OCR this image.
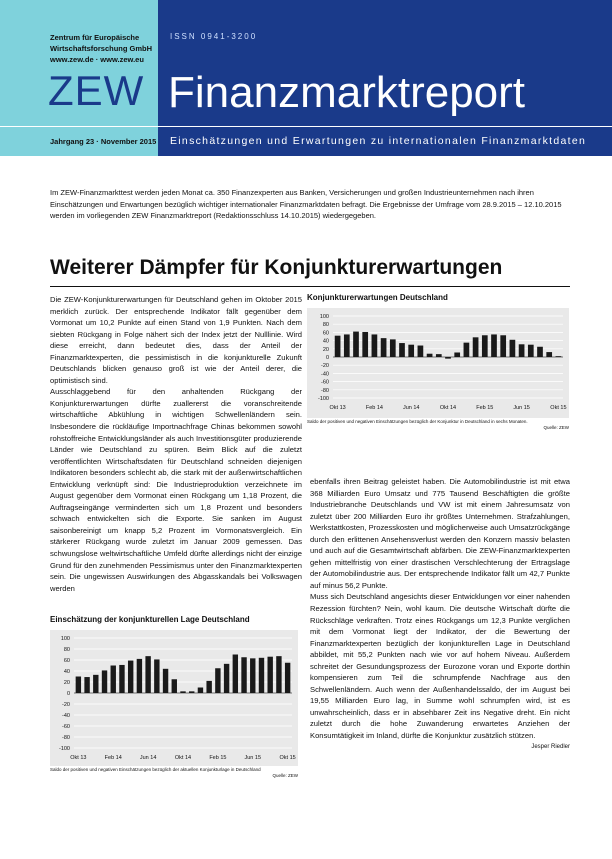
Zentrum für Europäische
Wirtschaftsforschung GmbH
www.zew.de · www.zew.eu
ZEW
Jahrgang 23 · November 2015
ISSN 0941-3200
Finanzmarktreport
Einschätzungen und Erwartungen zu internationalen Finanzmarktdaten
Im ZEW-Finanzmarkttest werden jeden Monat ca. 350 Finanzexperten aus Banken, Versicherungen und großen Industrieunternehmen nach ihren Einschätzungen und Erwartungen bezüglich wichtiger internationaler Finanzmarktdaten befragt. Die Ergebnisse der Umfrage vom 28.9.2015 – 12.10.2015 werden im vorliegenden ZEW Finanzmarktreport (Redaktionsschluss 14.10.2015) wiedergegeben.
Weiterer Dämpfer für Konjunkturerwartungen

Die ZEW-Konjunkturerwartungen für Deutschland gehen im Oktober 2015 merklich zurück. Der entsprechende Indikator fällt gegenüber dem Vormonat um 10,2 Punkte auf einen Stand von 1,9 Punkten. Nach dem siebten Rückgang in Folge nähert sich der Index jetzt der Nulllinie. Wird diese erreicht, dann bedeutet dies, dass der Anteil der Finanzmarktexperten, die pessimistisch in die konjunkturelle Zukunft Deutschlands blicken genauso groß ist wie der Anteil derer, die optimistisch sind.

Ausschlaggebend für den anhaltenden Rückgang der Konjunkturerwartungen dürfte zuallererst die voranschreitende wirtschaftliche Abkühlung in wichtigen Schwellenländern sein. Insbesondere die rückläufige Importnachfrage Chinas bekommen sowohl rohstoffreiche Entwicklungsländer als auch Investitionsgüter produzierende Länder wie Deutschland zu spüren. Beim Blick auf die zuletzt veröffentlichten Wirtschaftsdaten für Deutschland schneiden diejenigen Indikatoren besonders schlecht ab, die stark mit der außenwirtschaftlichen Entwicklung verknüpft sind: Die Industrieproduktion verzeichnete im August gegenüber dem Vormonat einen Rückgang um 1,18 Prozent, die Auftragseingänge verminderten sich um 1,8 Prozent und besonders schwach entwickelten sich die Exporte. Sie sanken im August saisonbereinigt um knapp 5,2 Prozent im Vormonatsvergleich. Ein stärkerer Rückgang wurde zuletzt im Januar 2009 gemessen. Das schwungslose weltwirtschaftliche Umfeld dürfte allerdings nicht der einzige Grund für den zunehmenden Pessimismus unter den Finanzmarktexperten sein. Die ungewissen Auswirkungen des Abgasskandals bei Volkswagen werden

Konjunkturerwartungen Deutschland
100
80
60
40
20
0
-20
-40
-60
-80
-100
Okt 13	Feb 14	Jun 14	Okt 14	Feb 15	Jun 15	Okt 15
Saldo der positiven und negativen Einschätzungen bezüglich der Konjunktur in Deutschland in sechs Monaten.
Quelle: ZEW

ebenfalls ihren Beitrag geleistet haben. Die Automobilindustrie ist mit etwa 368 Milliarden Euro Umsatz und 775 Tausend Beschäftigten die größte Industriebranche Deutschlands und VW ist mit einem Jahresumsatz von zuletzt über 200 Milliarden Euro ihr größtes Unternehmen. Strafzahlungen, Werkstattkosten, Prozesskosten und möglicherweise auch Umsatzrückgänge durch den erlittenen Ansehensverlust werden den Konzern massiv belasten und auch auf die Gesamtwirtschaft abfärben. Die ZEW-Finanzmarktexperten gehen mittelfristig von einer drastischen Verschlechterung der Ertragslage der Automobilindustrie aus. Der entsprechende Indikator fällt um 42,7 Punkte auf minus 56,2 Punkte.

Muss sich Deutschland angesichts dieser Entwicklungen vor einer nahenden Rezession fürchten? Nein, wohl kaum. Die deutsche Wirtschaft dürfte die Rückschläge verkraften. Trotz eines Rückgangs um 12,3 Punkte verglichen mit dem Vormonat liegt der Indikator, der die Bewertung der Finanzmarktexperten bezüglich der konjunkturellen Lage in Deutschland abbildet, mit 55,2 Punkten nach wie vor auf hohem Niveau. Außerdem schreitet der Gesundungsprozess der Eurozone voran und Exporte dorthin kompensieren zum Teil die schrumpfende Nachfrage aus den Schwellenländern. Auch wenn der Außenhandelssaldo, der im August bei 19,55 Milliarden Euro lag, in Summe wohl schrumpfen wird, ist es unwahrscheinlich, dass er in absehbarer Zeit ins Negative dreht. Ein nicht zuletzt durch die hohe Zuwanderung erwartetes Anziehen der Konsumtätigkeit im Inland, dürfte die Konjunktur zusätzlich stützen.

Jesper Riedler
Einschätzung der konjunkturellen Lage Deutschland
100
80
60
40
20
0
-20
-40
-60
-80
-100
Okt 13	Feb 14	Jun 14	Okt 14	Feb 15	Jun 15	Okt 15
Saldo der positiven und negativen Einschätzungen bezüglich der aktuellen Konjunkturlage in Deutschland
Quelle: ZEW
